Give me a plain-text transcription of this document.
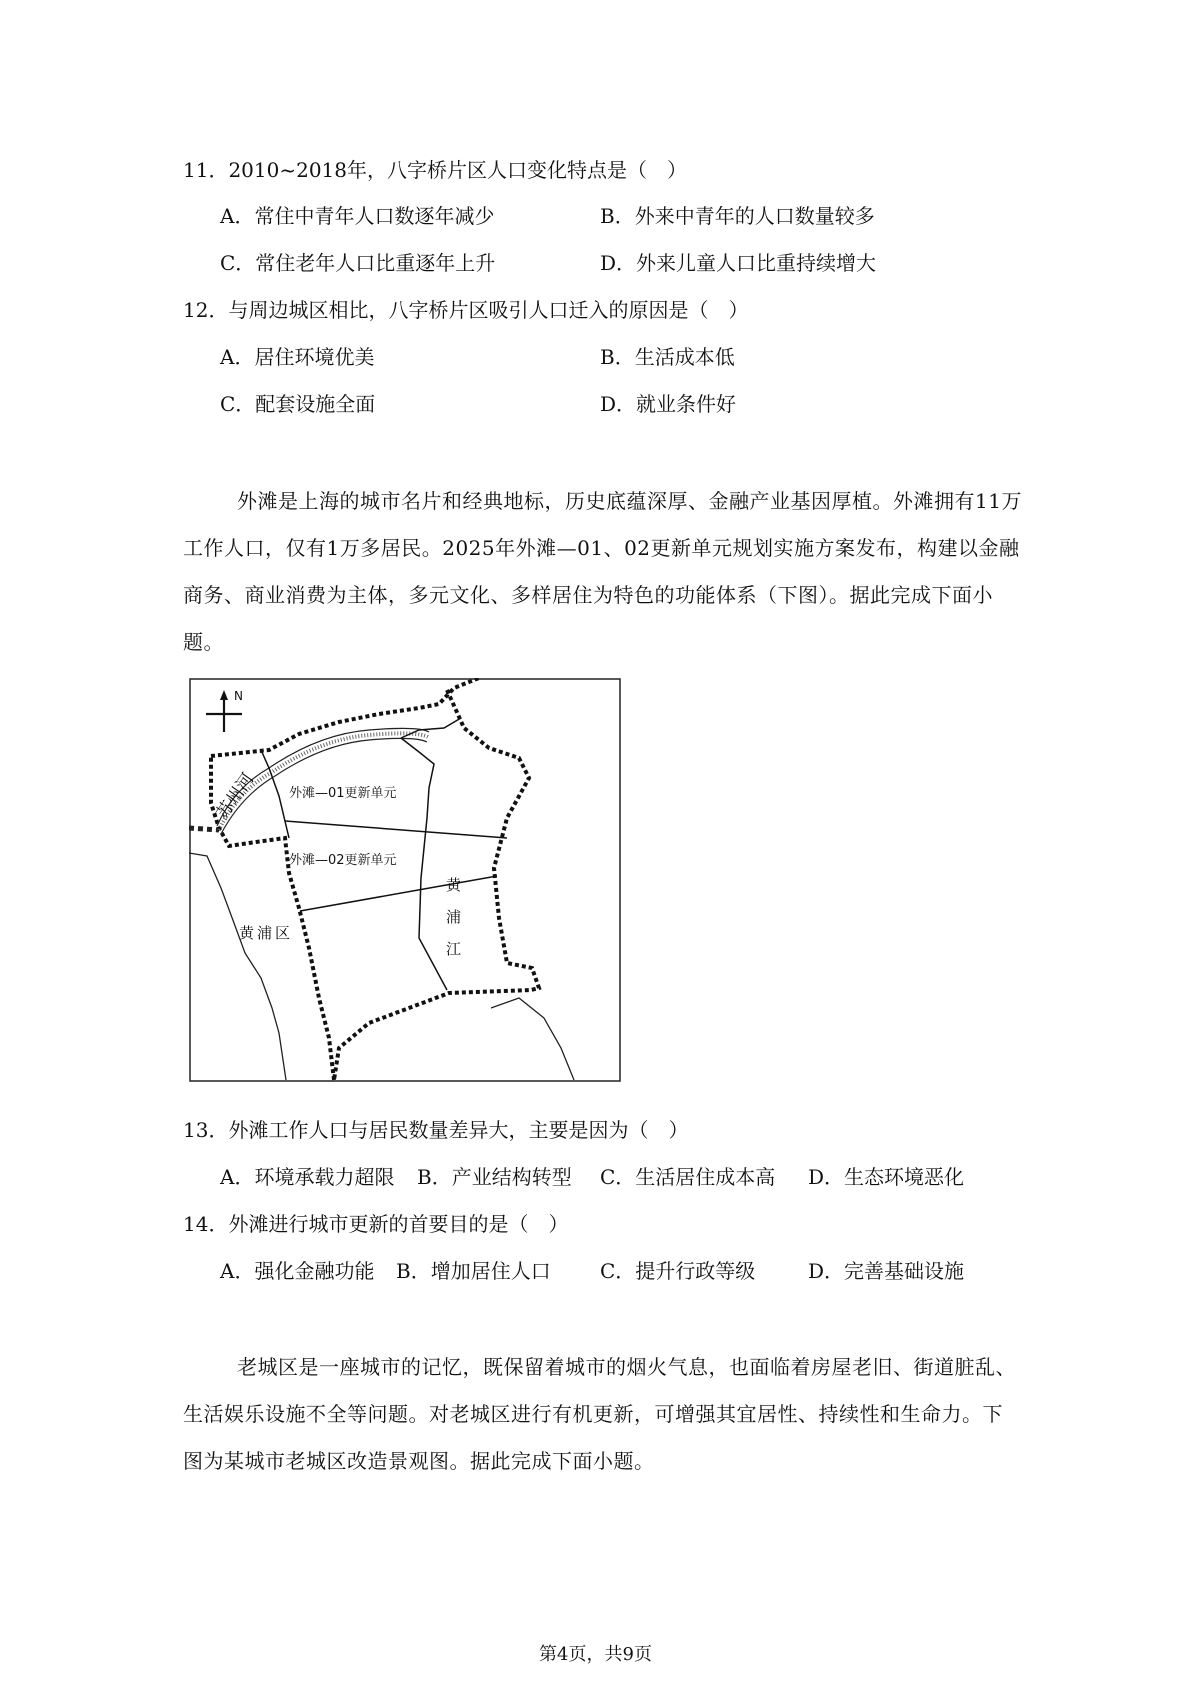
11．2010~2018年，八字桥片区人口变化特点是（　）
A．常住中青年人口数逐年减少	B．外来中青年的人口数量较多
C．常住老年人口比重逐年上升	D．外来儿童人口比重持续增大
12．与周边城区相比，八字桥片区吸引人口迁入的原因是（　）
A．居住环境优美	B．生活成本低
C．配套设施全面	D．就业条件好

外滩是上海的城市名片和经典地标，历史底蕴深厚、金融产业基因厚植。外滩拥有11万工作人口，仅有1万多居民。2025年外滩—01、02更新单元规划实施方案发布，构建以金融商务、商业消费为主体，多元文化、多样居住为特色的功能体系（下图）。据此完成下面小题。

N
苏州河 外滩—01更新单元
外滩—02更新单元
黄浦区
黄
浦
江
13．外滩工作人口与居民数量差异大，主要是因为（　）
A．环境承载力超限 B．产业结构转型 C．生活居住成本高 D．生态环境恶化
14．外滩进行城市更新的首要目的是（　）
A．强化金融功能 B．增加居住人口 C．提升行政等级	D．完善基础设施

老城区是一座城市的记忆，既保留着城市的烟火气息，也面临着房屋老旧、街道脏乱、生活娱乐设施不全等问题。对老城区进行有机更新，可增强其宜居性、持续性和生命力。下图为某城市老城区改造景观图。据此完成下面小题。

第4页，共9页
